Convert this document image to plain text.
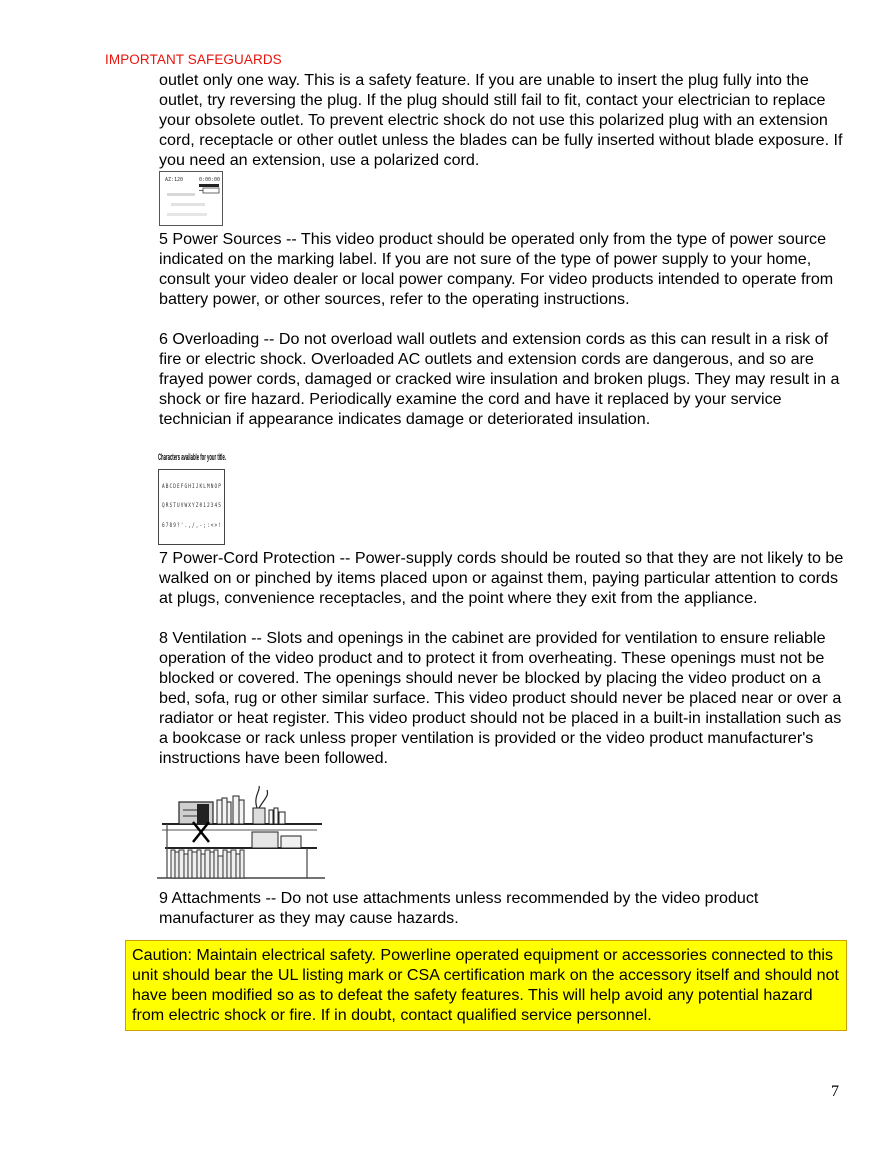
IMPORTANT SAFEGUARDS

outlet only one way. This is a safety feature. If you are unable to insert the plug fully into the outlet, try reversing the plug. If the plug should still fail to fit, contact your electrician to replace your obsolete outlet. To prevent electric shock do not use this polarized plug with an extension cord, receptacle or other outlet unless the blades can be fully inserted without blade exposure. If you need an extension, use a polarized cord.

AZ:120	0:00:00

5 Power Sources -- This video product should be operated only from the type of power source indicated on the marking label. If you are not sure of the type of power supply to your home, consult your video dealer or local power company. For video products intended to operate from battery power, or other sources, refer to the operating instructions.

6 Overloading -- Do not overload wall outlets and extension cords as this can result in a risk of fire or electric shock. Overloaded AC outlets and extension cords are dangerous, and so are frayed power cords, damaged or cracked wire insulation and broken plugs. They may result in a shock or fire hazard. Periodically examine the cord and have it replaced by your service technician if appearance indicates damage or deteriorated insulation.

Characters available for your title.
ABCDEFGHIJKLMNOP
QRSTUVWXYZ012345
6789?'.,/,-;:<>!

7 Power-Cord Protection -- Power-supply cords should be routed so that they are not likely to be walked on or pinched by items placed upon or against them, paying particular attention to cords at plugs, convenience receptacles, and the point where they exit from the appliance.

8 Ventilation -- Slots and openings in the cabinet are provided for ventilation to ensure reliable operation of the video product and to protect it from overheating. These openings must not be blocked or covered. The openings should never be blocked by placing the video product on a bed, sofa, rug or other similar surface. This video product should never be placed near or over a radiator or heat register. This video product should not be placed in a built-in installation such as a bookcase or rack unless proper ventilation is provided or the video product manufacturer's instructions have been followed.

9 Attachments -- Do not use attachments unless recommended by the video product manufacturer as they may cause hazards.

Caution: Maintain electrical safety. Powerline operated equipment or accessories connected to this unit should bear the UL listing mark or CSA certification mark on the accessory itself and should not have been modified so as to defeat the safety features. This will help avoid any potential hazard from electric shock or fire. If in doubt, contact qualified service personnel.
7
